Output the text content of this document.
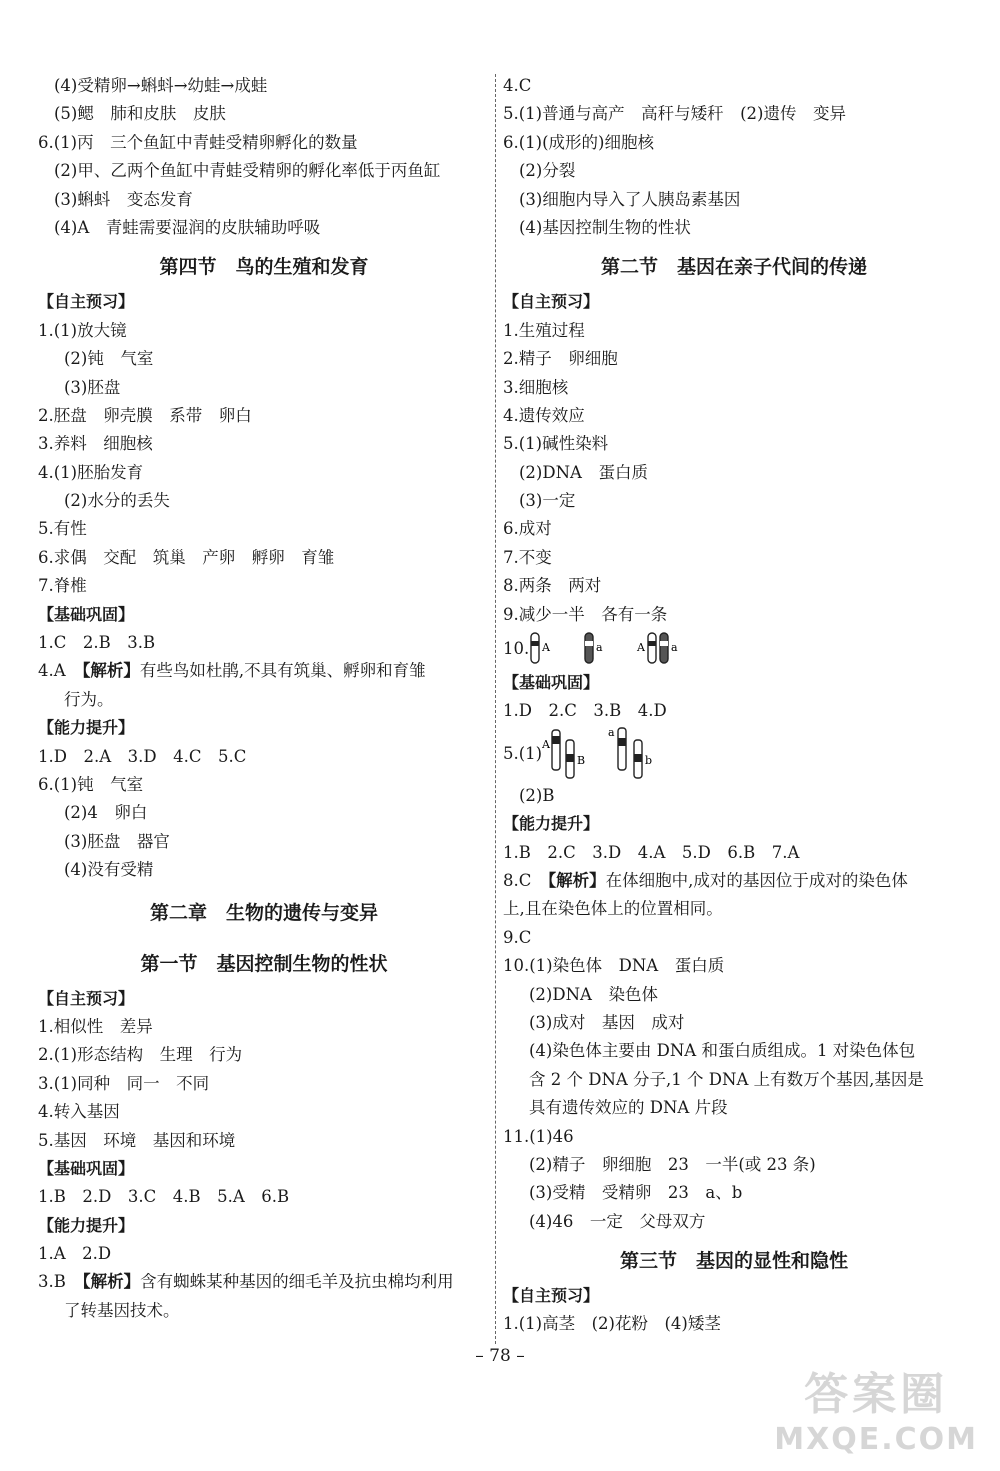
(4)受精卵→蝌蚪→幼蛙→成蛙
(5)鳃　肺和皮肤　皮肤
6.(1)丙　三个鱼缸中青蛙受精卵孵化的数量
(2)甲、乙两个鱼缸中青蛙受精卵的孵化率低于丙鱼缸
(3)蝌蚪　变态发育
(4)A　青蛙需要湿润的皮肤辅助呼吸
第四节　鸟的生殖和发育
【自主预习】
1.(1)放大镜
(2)钝　气室
(3)胚盘
2.胚盘　卵壳膜　系带　卵白
3.养料　细胞核
4.(1)胚胎发育
(2)水分的丢失
5.有性
6.求偶　交配　筑巢　产卵　孵卵　育雏
7.脊椎
【基础巩固】
1.C　2.B　3.B
4.A　【解析】有些鸟如杜鹃,不具有筑巢、孵卵和育雏
行为。
【能力提升】
1.D　2.A　3.D　4.C　5.C
6.(1)钝　气室
(2)4　卵白
(3)胚盘　器官
(4)没有受精
第二章　生物的遗传与变异
第一节　基因控制生物的性状
【自主预习】
1.相似性　差异
2.(1)形态结构　生理　行为
3.(1)同种　同一　不同
4.转入基因
5.基因　环境　基因和环境
【基础巩固】
1.B　2.D　3.C　4.B　5.A　6.B
【能力提升】
1.A　2.D
3.B　【解析】含有蜘蛛某种基因的细毛羊及抗虫棉均利用
了转基因技术。
4.C
5.(1)普通与高产　高秆与矮秆　(2)遗传　变异
6.(1)(成形的)细胞核
(2)分裂
(3)细胞内导入了人胰岛素基因
(4)基因控制生物的性状
第二节　基因在亲子代间的传递
【自主预习】
1.生殖过程
2.精子　卵细胞
3.细胞核
4.遗传效应
5.(1)碱性染料
(2)DNA　蛋白质
(3)一定
6.成对
7.不变
8.两条　两对
9.减少一半　各有一条
10. A	a	A a
【基础巩固】
1.D　2.C　3.B　4.D
5.(1) A
B
a
b
(2)B
【能力提升】
1.B　2.C　3.D　4.A　5.D　6.B　7.A
8.C　【解析】在体细胞中,成对的基因位于成对的染色体
上,且在染色体上的位置相同。
9.C
10.(1)染色体　DNA　蛋白质
(2)DNA　染色体
(3)成对　基因　成对
(4)染色体主要由 DNA 和蛋白质组成。1 对染色体包
含 2 个 DNA 分子,1 个 DNA 上有数万个基因,基因是
具有遗传效应的 DNA 片段
11.(1)46
(2)精子　卵细胞　23　一半(或 23 条)
(3)受精　受精卵　23　a、b
(4)46　一定　父母双方
第三节　基因的显性和隐性
【自主预习】
1.(1)高茎　(2)花粉　(4)矮茎
– 78 –
答案圈
MXQE.COM
